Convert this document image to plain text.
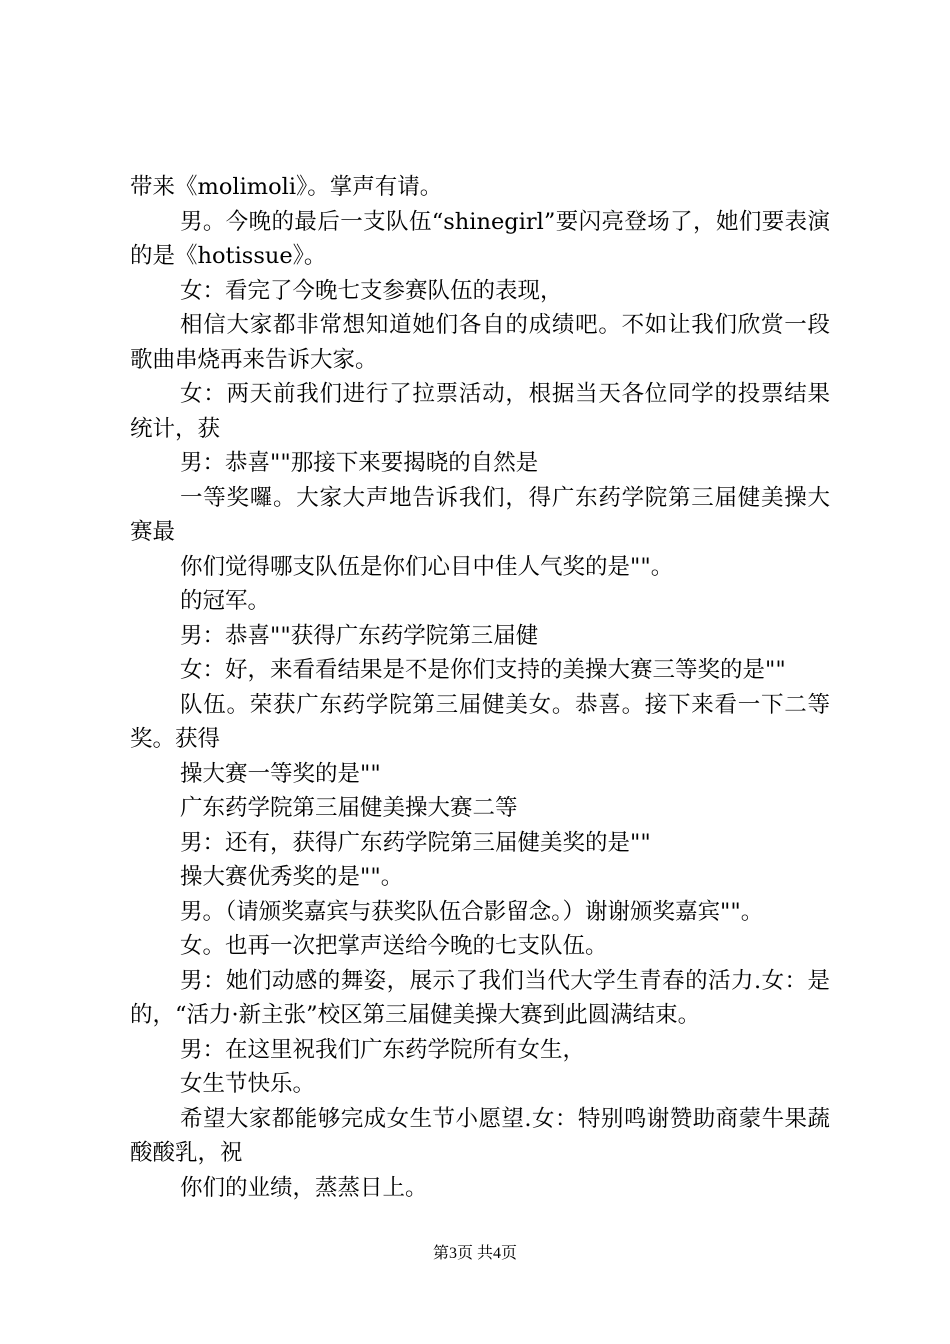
带来《molimoli》。掌声有请。

男。今晚的最后一支队伍“shinegirl”要闪亮登场了，她们要表演的是《hotissue》。

女：看完了今晚七支参赛队伍的表现，

相信大家都非常想知道她们各自的成绩吧。不如让我们欣赏一段歌曲串烧再来告诉大家。

女：两天前我们进行了拉票活动，根据当天各位同学的投票结果统计，获

男：恭喜""那接下来要揭晓的自然是

一等奖囉。大家大声地告诉我们，得广东药学院第三届健美操大赛最

你们觉得哪支队伍是你们心目中佳人气奖的是""。

的冠军。

男：恭喜""获得广东药学院第三届健

女：好，来看看结果是不是你们支持的美操大赛三等奖的是""

队伍。荣获广东药学院第三届健美女。恭喜。接下来看一下二等奖。获得

操大赛一等奖的是""

广东药学院第三届健美操大赛二等

男：还有，获得广东药学院第三届健美奖的是""

操大赛优秀奖的是""。

男。（请颁奖嘉宾与获奖队伍合影留念。）谢谢颁奖嘉宾""。

女。也再一次把掌声送给今晚的七支队伍。

男：她们动感的舞姿，展示了我们当代大学生青春的活力.女：是的，“活力·新主张”校区第三届健美操大赛到此圆满结束。

男：在这里祝我们广东药学院所有女生，

女生节快乐。

希望大家都能够完成女生节小愿望.女：特别鸣谢赞助商蒙牛果蔬酸酸乳，祝

你们的业绩，蒸蒸日上。

第3页 共4页
